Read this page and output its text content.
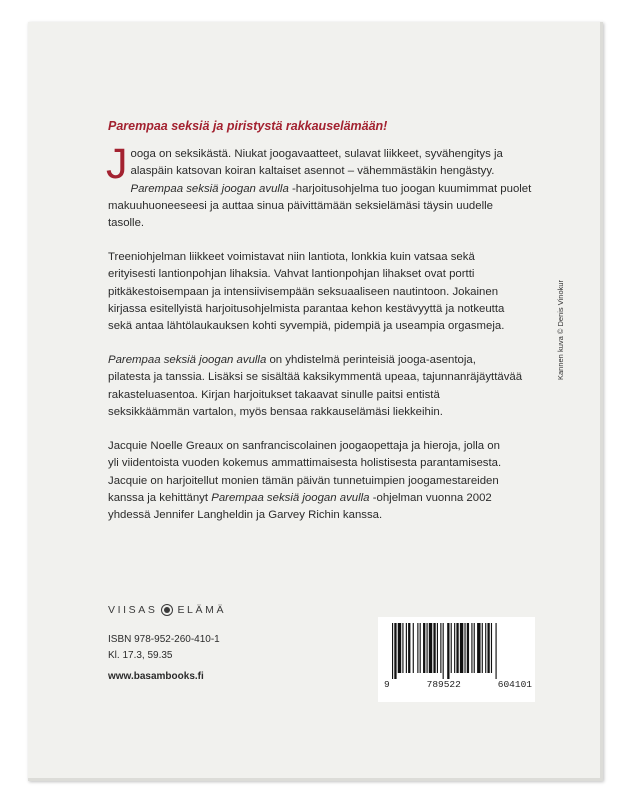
Parempaa seksiä ja piristystä rakkauselämään!
J ooga on seksikästä. Niukat joogavaatteet, sulavat liikkeet, syvähengitys ja
alaspäin katsovan koiran kaltaiset asennot – vähemmästäkin hengästyy.
Parempaa seksiä joogan avulla -harjoitusohjelma tuo joogan kuumimmat puolet
makuuhuoneeseesi ja auttaa sinua päivittämään seksielämäsi täysin uudelle
tasolle.
Treeniohjelman liikkeet voimistavat niin lantiota, lonkkia kuin vatsaa sekä
erityisesti lantionpohjan lihaksia. Vahvat lantionpohjan lihakset ovat portti
pitkäkestoisempaan ja intensiivisempään seksuaaliseen nautintoon. Jokainen
kirjassa esitellyistä harjoitusohjelmista parantaa kehon kestävyyttä ja notkeutta
sekä antaa lähtölaukauksen kohti syvempiä, pidempiä ja useampia orgasmeja.
Parempaa seksiä joogan avulla on yhdistelmä perinteisiä jooga-asentoja,
pilatesta ja tanssia. Lisäksi se sisältää kaksikymmentä upeaa, tajunnanräjäyttävää
rakasteluasentoa. Kirjan harjoitukset takaavat sinulle paitsi entistä
seksikkäämmän vartalon, myös bensaa rakkauselämäsi liekkeihin.
Jacquie Noelle Greaux on sanfranciscolainen joogaopettaja ja hieroja, jolla on
yli viidentoista vuoden kokemus ammattimaisesta holistisesta parantamisesta.
Jacquie on harjoitellut monien tämän päivän tunnetuimpien joogamestareiden
kanssa ja kehittänyt Parempaa seksiä joogan avulla -ohjelman vuonna 2002
yhdessä Jennifer Langheldin ja Garvey Richin kanssa.
VIISAS ELÄMÄ
ISBN 978-952-260-410-1
Kl. 17.3, 59.35
www.basambooks.fi
9	789522	604101
Kannen kuva © Denis Vinokur
